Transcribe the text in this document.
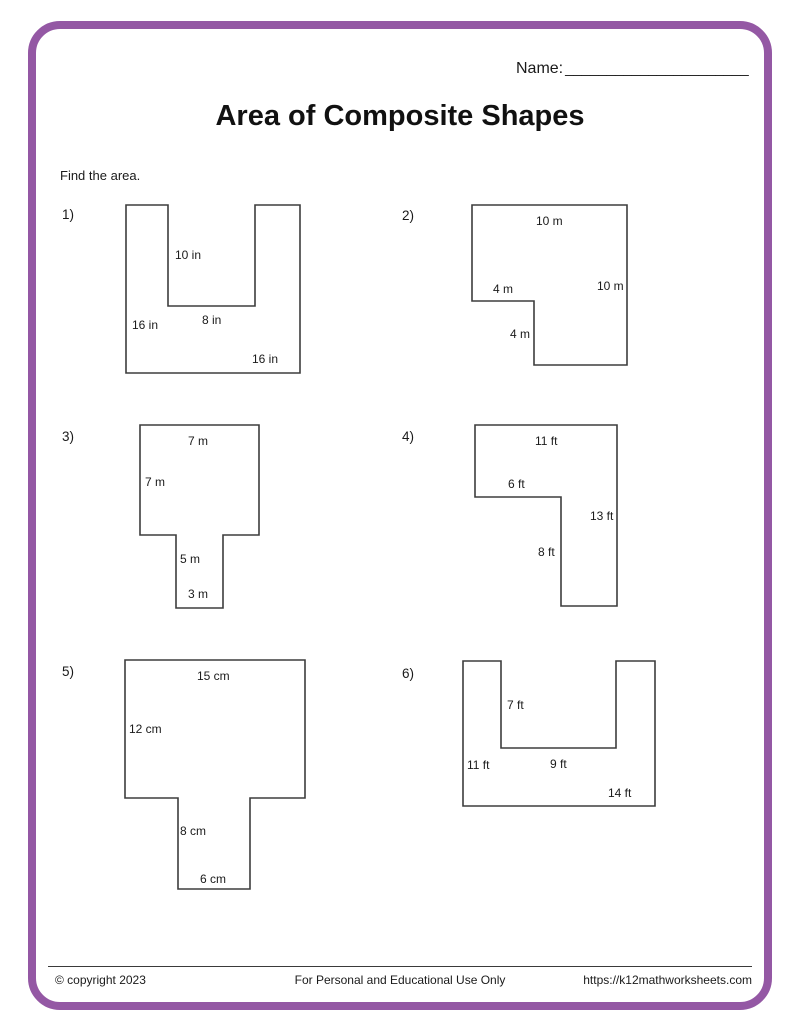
Name: ______________________
Area of Composite Shapes
Find the area.
1)
10 in
8 in
16 in
16 in
2)	10 m
4 m	10 m
4 m
3)	7 m
7 m
5 m
3 m
4)	11 ft
6 ft
13 ft
8 ft
5)	15 cm
12 cm
8 cm
6 cm
6)
7 ft
11 ft	9 ft
14 ft
© copyright 2023	For Personal and Educational Use Only	https://k12mathworksheets.com
